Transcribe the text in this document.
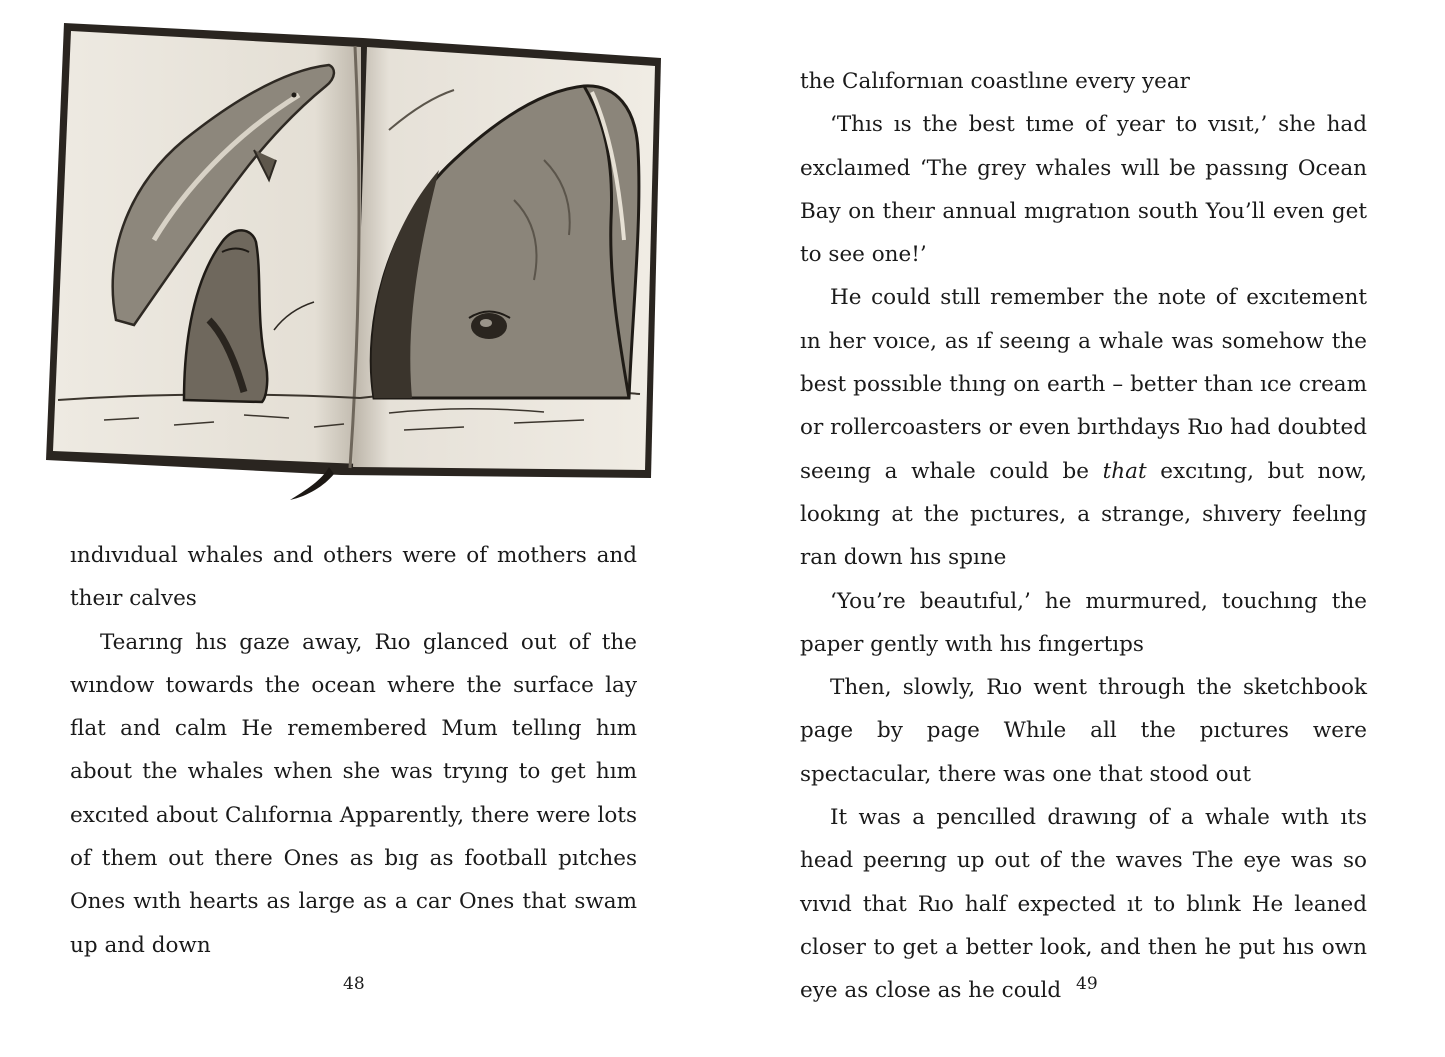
ındıvıdual whales and others were of mothers and theır calves

Tearıng hıs gaze away, Rıo glanced out of the wındow towards the ocean where the surface lay flat and calm He remembered Mum tellıng hım about the whales when she was tryıng to get hım excıted about Calıfornıa Apparently, there were lots of them out there Ones as bıg as football pıtches Ones wıth hearts as large as a car Ones that swam up and down

48

the Calıfornıan coastlıne every year

‘Thıs ıs the best tıme of year to vısıt,’ she had exclaımed ‘The grey whales wıll be passıng Ocean Bay on theır annual mıgratıon south You’ll even get to see one!’

He could stıll remember the note of excıtement ın her voıce, as ıf seeıng a whale was somehow the best possıble thıng on earth – better than ıce cream or rollercoasters or even bırthdays Rıo had doubted seeıng a whale could be that excıtıng, but now, lookıng at the pıctures, a strange, shıvery feelıng ran down hıs spıne

‘You’re beautıful,’ he murmured, touchıng the paper gently wıth hıs fıngertıps

Then, slowly, Rıo went through the sketchbook page by page Whıle all the pıctures were spectacular, there was one that stood out

It was a pencılled drawıng of a whale wıth ıts head peerıng up out of the waves The eye was so vıvıd that Rıo half expected ıt to blınk He leaned closer to get a better look, and then he put hıs own eye as close as he could 49
